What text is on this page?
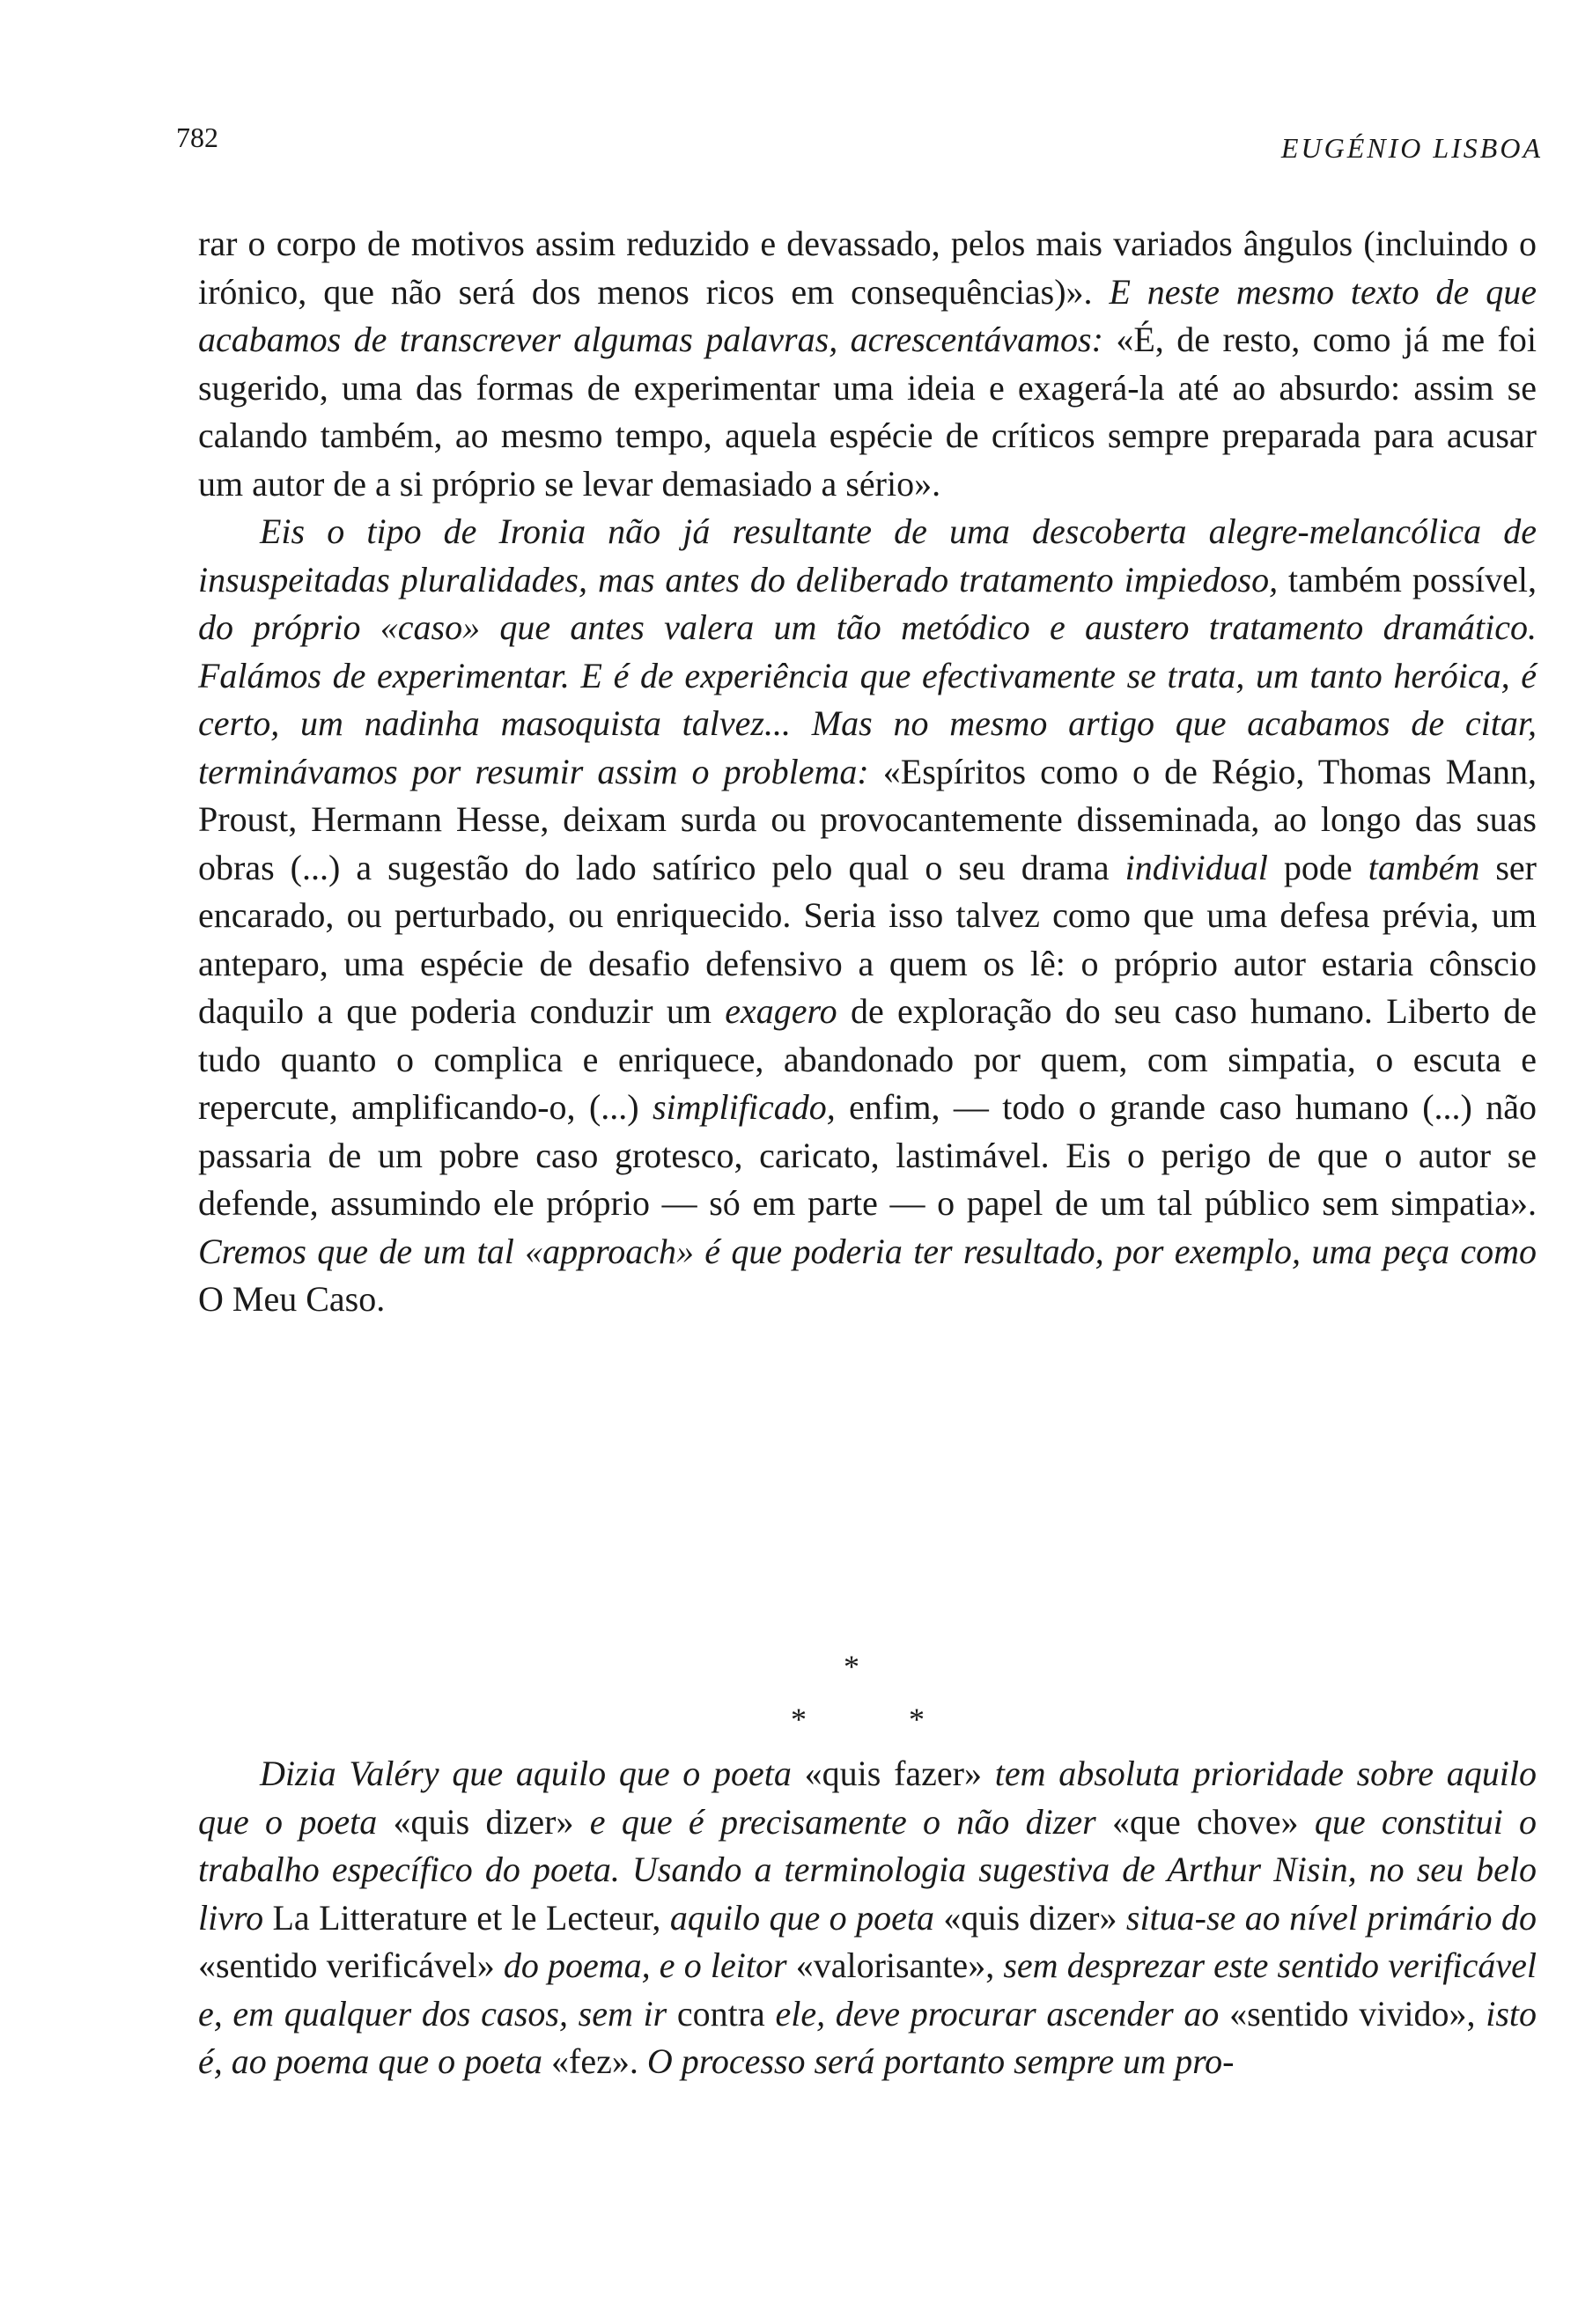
782	EUGÉNIO LISBOA

rar o corpo de motivos assim reduzido e devassado, pelos mais variados ângulos (incluindo o irónico, que não será dos menos ricos em consequências)». E neste mesmo texto de que acabamos de transcrever algumas palavras, acrescentávamos: «É, de resto, como já me foi sugerido, uma das formas de experimentar uma ideia e exagerá-la até ao absurdo: assim se calando também, ao mesmo tempo, aquela espécie de críticos sempre preparada para acusar um autor de a si próprio se levar demasiado a sério».

Eis o tipo de Ironia não já resultante de uma descoberta alegre-melancólica de insuspeitadas pluralidades, mas antes do deliberado tratamento impiedoso, também possível, do próprio «caso» que antes valera um tão metódico e austero tratamento dramático. Falámos de experimentar. E é de experiência que efectivamente se trata, um tanto heróica, é certo, um nadinha masoquista talvez... Mas no mesmo artigo que acabamos de citar, terminávamos por resumir assim o problema: «Espíritos como o de Régio, Thomas Mann, Proust, Hermann Hesse, deixam surda ou provocantemente disseminada, ao longo das suas obras (...) a sugestão do lado satírico pelo qual o seu drama individual pode também ser encarado, ou perturbado, ou enriquecido. Seria isso talvez como que uma defesa prévia, um anteparo, uma espécie de desafio defensivo a quem os lê: o próprio autor estaria cônscio daquilo a que poderia conduzir um exagero de exploração do seu caso humano. Liberto de tudo quanto o complica e enriquece, abandonado por quem, com simpatia, o escuta e repercute, amplificando-o, (...) simplificado, enfim, — todo o grande caso humano (...) não passaria de um pobre caso grotesco, caricato, lastimável. Eis o perigo de que o autor se defende, assumindo ele próprio — só em parte — o papel de um tal público sem simpatia». Cremos que de um tal «approach» é que poderia ter resultado, por exemplo, uma peça como O Meu Caso.

*
*	*

Dizia Valéry que aquilo que o poeta «quis fazer» tem absoluta prioridade sobre aquilo que o poeta «quis dizer» e que é precisamente o não dizer «que chove» que constitui o trabalho específico do poeta. Usando a terminologia sugestiva de Arthur Nisin, no seu belo livro La Litterature et le Lecteur, aquilo que o poeta «quis dizer» situa-se ao nível primário do «sentido verificável» do poema, e o leitor «valorisante», sem desprezar este sentido verificável e, em qualquer dos casos, sem ir contra ele, deve procurar ascender ao «sentido vivido», isto é, ao poema que o poeta «fez». O processo será portanto sempre um pro-
